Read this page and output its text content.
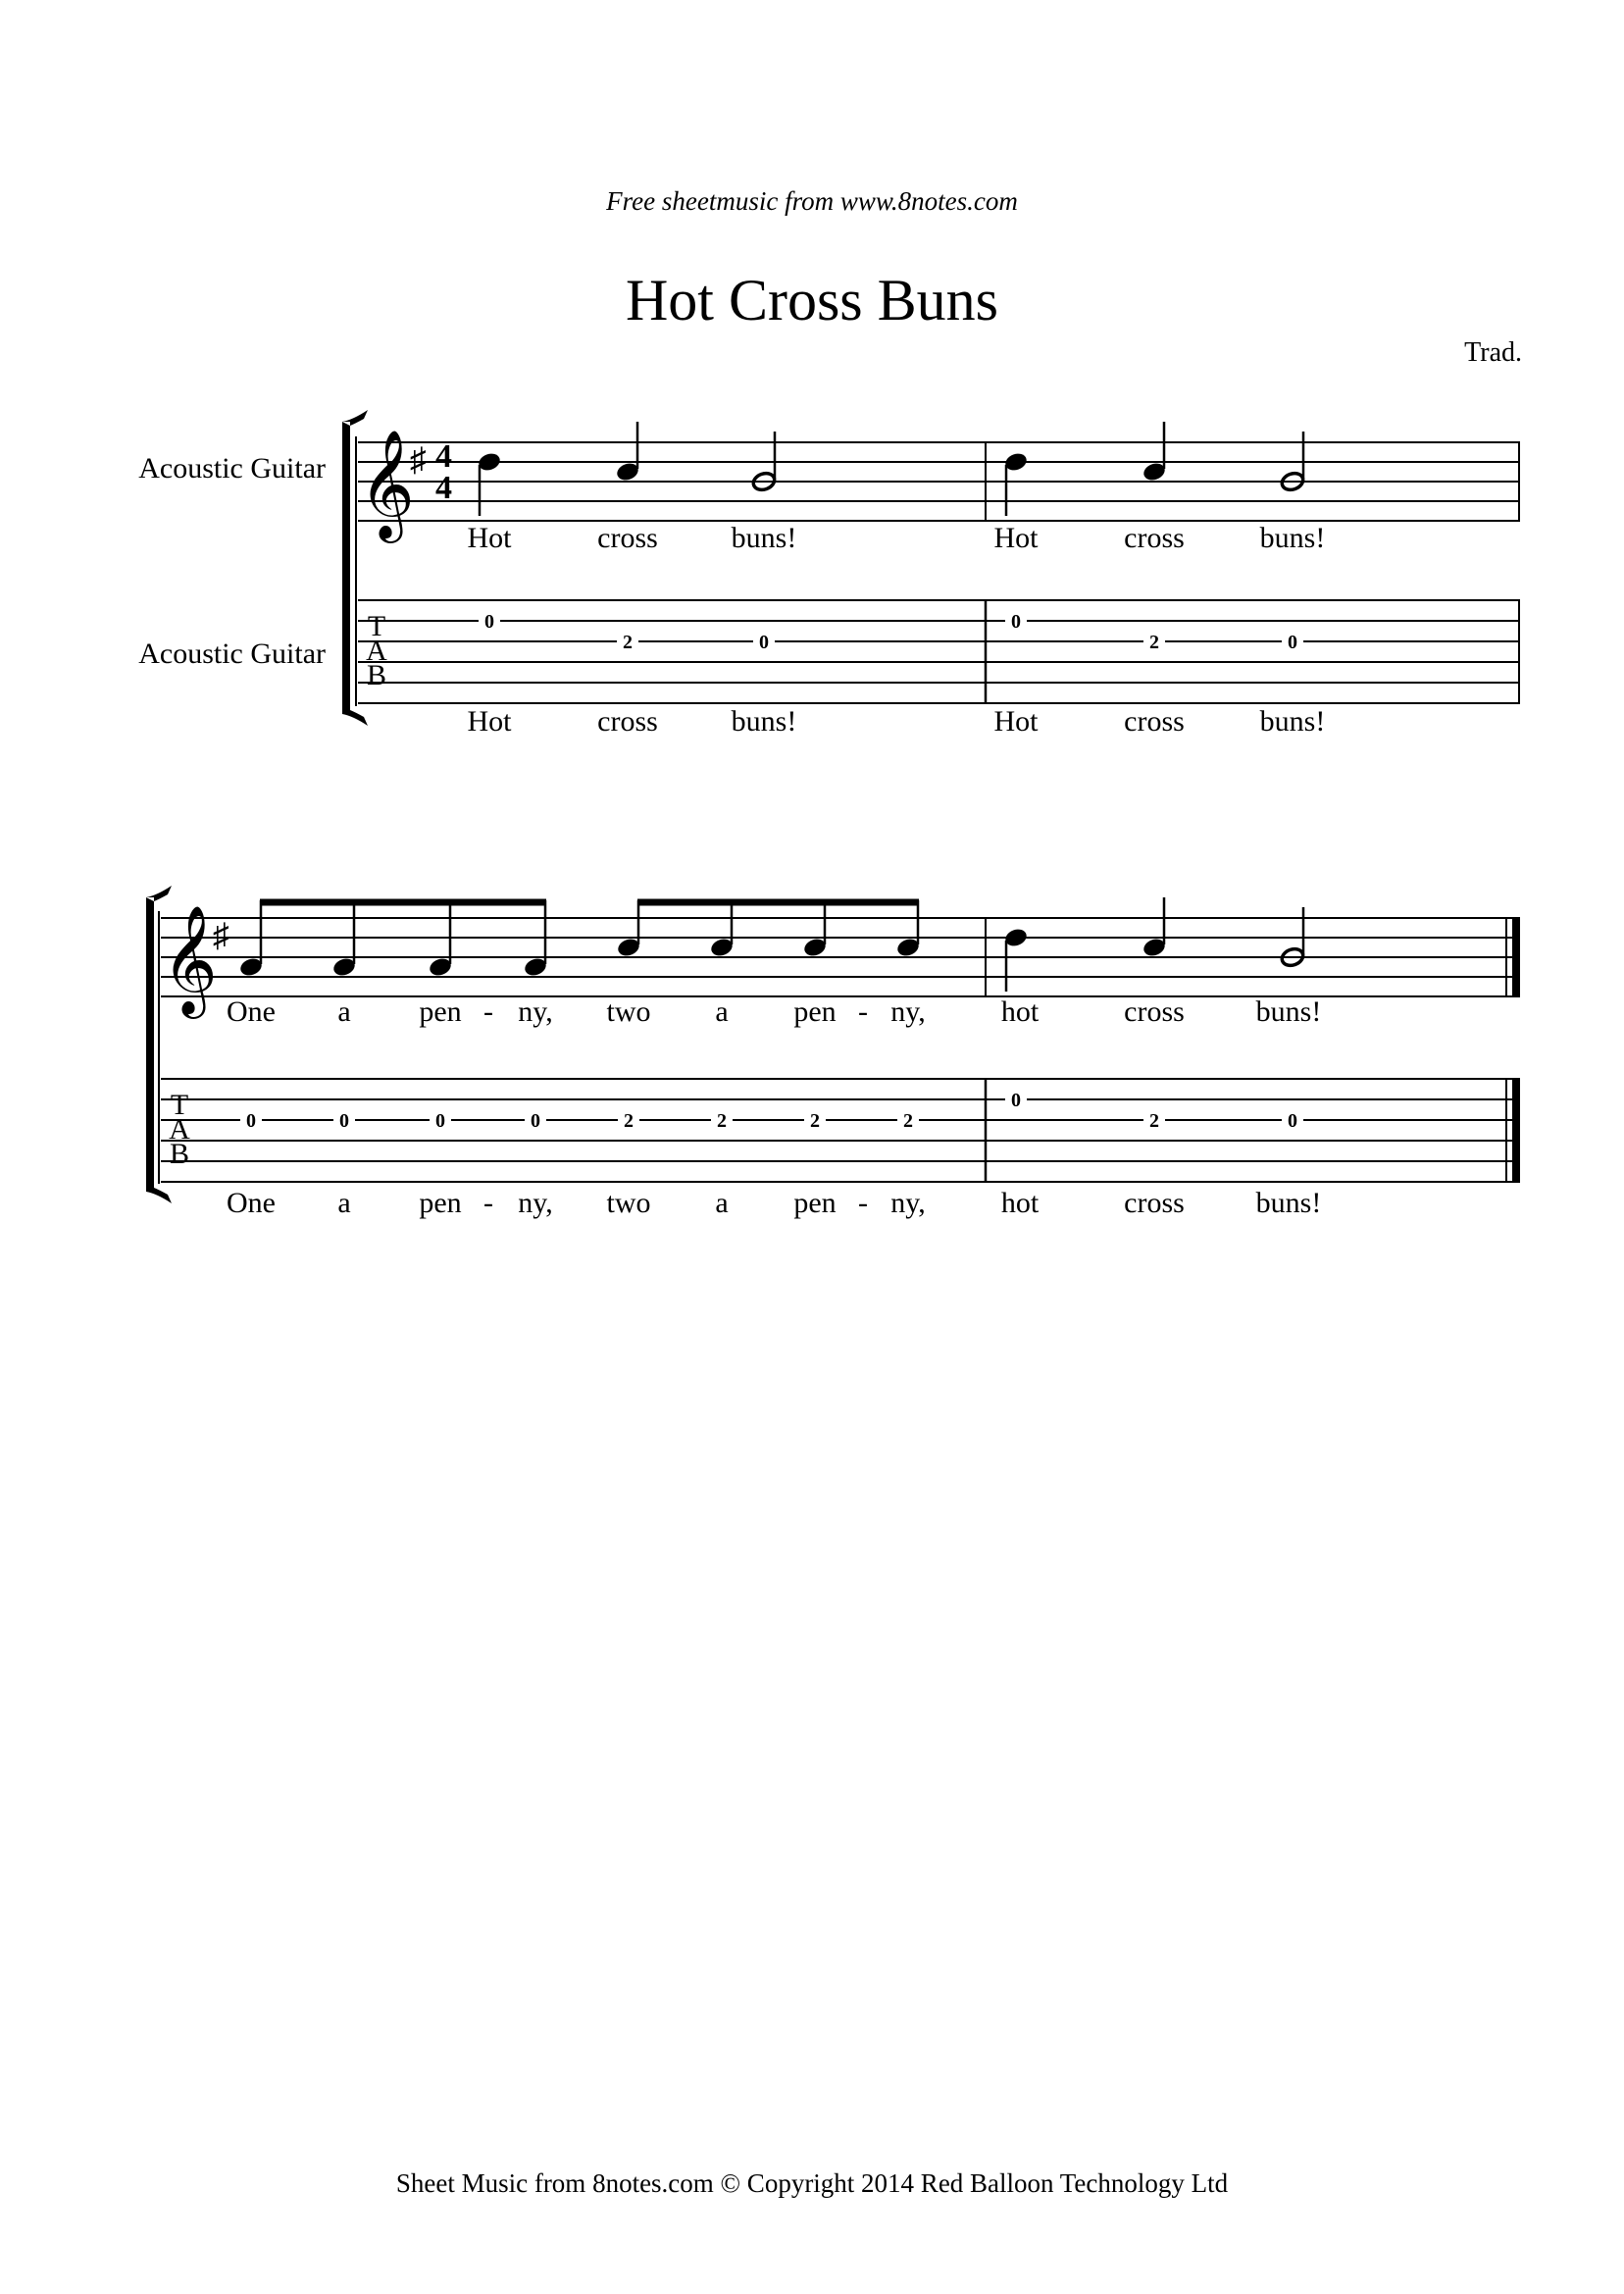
Free sheetmusic from www.8notes.com
Hot Cross Buns
Trad.
Acoustic Guitar
Acoustic Guitar
𝄞
♯ 4
4
Hot	cross buns!	Hot	cross	buns!
T
A
B
0
2	0
0
2	0
Hot	cross buns!	Hot	cross	buns!
𝄞
♯
One a pen - ny, two a pen - ny,	hot	cross buns!
T
A
B
0	0	0	0	2	2	2	2
0
2	0
One a pen - ny, two a pen - ny,	hot	cross buns!
Sheet Music from 8notes.com © Copyright 2014 Red Balloon Technology Ltd
